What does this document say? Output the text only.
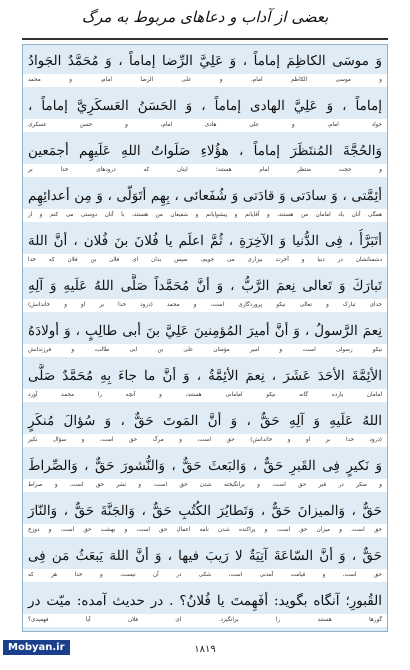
بعضی از آداب و دعاهای مربوط به مرگ
وَ موسَى الكاظِمَ إماماً ، وَ عَلِيَّ الرِّضا إماماً ، وَ مُحَمَّدٌ الجَوادُ
و موسی الکاظم امام، و علی الرضا امام، و محمد
إماماً ، وَ عَلِيَّ الهادی إماماً ، وَ الحَسَنُ العَسكَرِيَّ إماماً ،
جواد امام، و علی هادی امام، و حسن عسکری
وَالحُجَّةَ المُنتَظَرَ إماماً ، هؤُلاءِ صَلَواتُ اللهِ عَلَيهِم أجمَعين
و حجت منتظر امام هستند؛ اینان که درودهای خدا بر
أئِمَّتی ، وَ سادَتی وَ قادَتی وَ شُفَعائی ، بِهِم أتَوَلّى ، وَ مِن أعدائِهِم
همگی آنان باد امامان من هستند، و آقایانم و پیشوایانم و شفیعان من هستند، با آنان دوستی می کنم و از
أتَبَرَّأُ ، فِی الدُّنیا وَ الآخِرَةِ ، ثُمَّ اعلَم یا فُلانَ بنَ فُلان ، أنَّ اللهَ
دشمنانشان در دنیا و آخرت بیزاری می جویم، سپس بدان ای فلان بن فلان که خدا
تَبارَكَ وَ تَعالى نِعمَ الرَّبُّ ، وَ أنَّ مُحَمَّداً صَلَّى اللهُ عَلَيهِ وَ آلِهِ
خدای تبارک و تعالی نیکو پروردگاری است، و محمد (درود خدا بر او و خاندانش)
نِعمَ الرَّسولُ ، وَ أنَّ أميرَ المُؤمِنينَ عَلِيَّ بنَ أبی طالِبٍ ، وَ أولادَهُ
نیکو رسولی است، و امیر مؤمنان علی بن ابی طالب، و فرزندانش
الأئِمَّةَ الأحَدَ عَشَرَ ، نِعمَ الأئِمَّةُ ، وَ أنَّ ما جاءَ بِهِ مُحَمَّدٌ صَلَّى
امامان یازده گانه نیکو امامانی هستند، و آنچه را محمد آورد
اللهُ عَلَيهِ وَ آلِهِ حَقٌّ ، وَ أنَّ المَوتَ حَقٌّ ، وَ سُؤالَ مُنكَرٍ
(درود خدا بر او و خاندانش) حق است، و مرگ حق است، و سؤال نکیر
وَ نَكيرٍ فِی القَبرِ حَقٌّ ، وَالبَعثَ حَقٌّ ، وَالنُّشورَ حَقٌّ ، وَالصِّراطَ
و منکر در قبر حق است، و برانگیخته شدن حق است، و نشر حق است، و صراط
حَقٌّ ، وَالميزانَ حَقٌّ ، وَتَطايُرَ الكُتُبِ حَقٌّ ، وَالجَنَّةَ حَقٌّ ، وَالنّارَ
حق است، و میزان حق است، و پراکنده شدن نامه اعمال حق است، و بهشت حق است، و دوزخ
حَقٌّ ، وَ أنَّ السّاعَةَ آتِيَةٌ لا رَيبَ فيها ، وَ أنَّ اللهَ يَبعَثُ مَن فِی
حق است، و قیامت آمدنی است، شکی در آن نیست، و خدا هر که
القُبورِ؛ آنگاه بگوید: أفَهِمتَ يا فُلانُ؟ . در حدیث آمده: میّت در
گورها هستند را برانگیزد. ای فلان آیا فهمیدی؟
Mobyan.ir	۱۸۱۹
